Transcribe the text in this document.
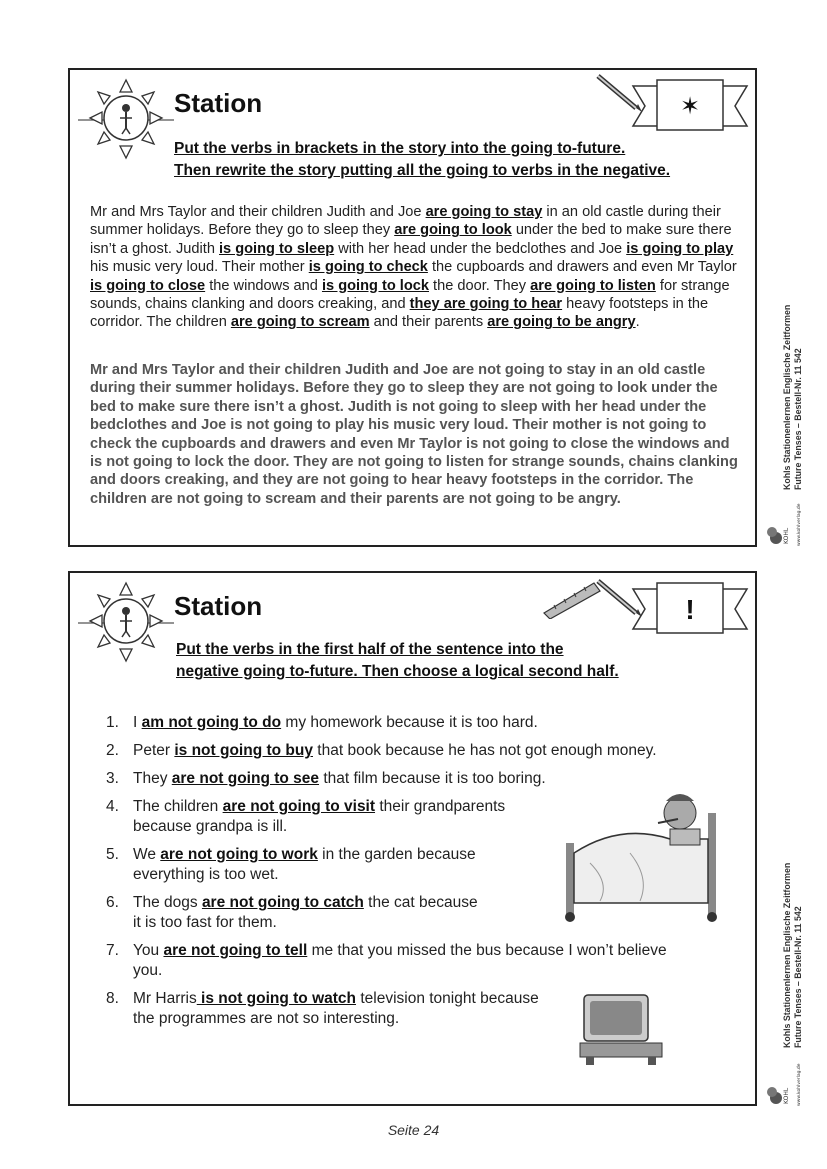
Station	✶
Put the verbs in brackets in the story into the going to-future.
Then rewrite the story putting all the going to verbs in the negative.
Mr and Mrs Taylor and their children Judith and Joe are going to stay in an old castle during their summer holidays. Before they go to sleep they are going to look under the bed to make sure there isn’t a ghost. Judith is going to sleep with her head under the bedclothes and Joe is going to play his music very loud. Their mother is going to check the cupboards and drawers and even Mr Taylor is going to close the windows and is going to lock the door. They are going to listen for strange sounds, chains clanking and doors creaking, and they are going to hear heavy footsteps in the corridor. The children are going to scream and their parents are going to be angry.
Mr and Mrs Taylor and their children Judith and Joe are not going to stay in an old castle during their summer holidays. Before they go to sleep they are not going to look under the bed to make sure there isn’t a ghost. Judith is not going to sleep with her head under the bedclothes and Joe is not going to play his music very loud. Their mother is not going to check the cupboards and drawers and even Mr Taylor is not going to close the windows and is not going to lock the door. They are not going to listen for strange sounds, chains clanking and doors creaking, and they are not going to hear heavy footsteps in the corridor. The children are not going to scream and their parents are not going to be angry.
Kohls Stationenlernen Englische Zeitformen
Future Tenses – Bestell-Nr. 11 542
KOHL www.kohlverlag.de
Station	!
Put the verbs in the first half of the sentence into the
negative going to-future. Then choose a logical second half.
1. I am not going to do my homework because it is too hard.
2. Peter is not going to buy that book because he has not got enough money.
3. They are not going to see that film because it is too boring.
4. The children are not going to visit their grandparents
because grandpa is ill.
5. We are not going to work in the garden because
everything is too wet.
6. The dogs are not going to catch the cat because
it is too fast for them.
7. You are not going to tell me that you missed the bus because I won’t believe
you.
8. Mr Harris is not going to watch television tonight because
the programmes are not so interesting.	Kohls Stationenlernen Englische Zeitformen
Future Tenses – Bestell-Nr. 11 542
KOHL www.kohlverlag.de
Seite 24
